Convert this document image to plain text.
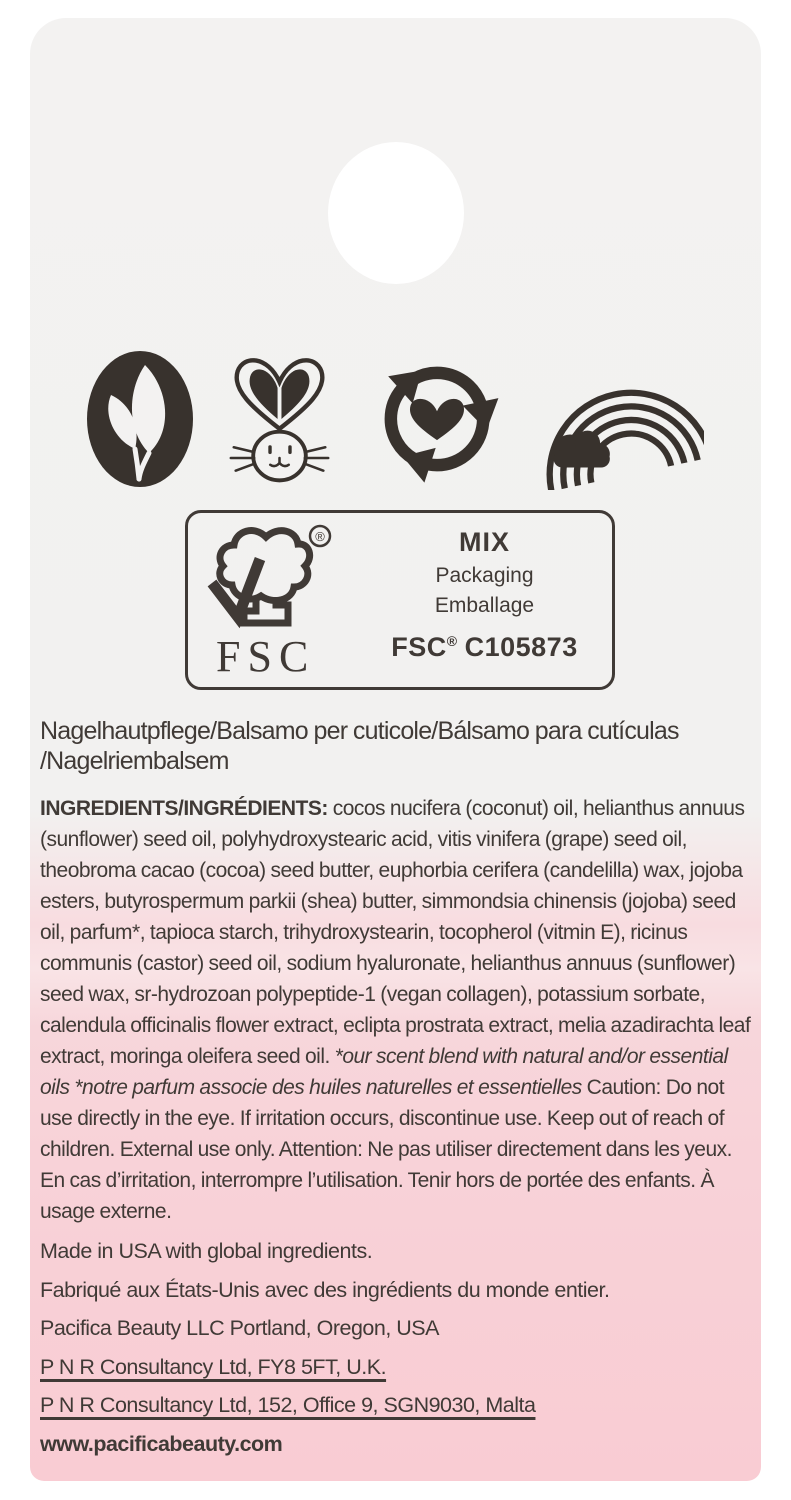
®
FSC
MIX
Packaging
Emballage
FSC® C105873
Nagelhautpflege/Balsamo per cuticole/Bálsamo para cutículas
/Nagelriembalsem

INGREDIENTS/INGRÉDIENTS: cocos nucifera (coconut) oil, helianthus annuus (sunflower) seed oil, polyhydroxystearic acid, vitis vinifera (grape) seed oil, theobroma cacao (cocoa) seed butter, euphorbia cerifera (candelilla) wax, jojoba esters, butyrospermum parkii (shea) butter, simmondsia chinensis (jojoba) seed oil, parfum*, tapioca starch, trihydroxystearin, tocopherol (vitmin E), ricinus communis (castor) seed oil, sodium hyaluronate, helianthus annuus (sunflower) seed wax, sr-hydrozoan polypeptide-1 (vegan collagen), potassium sorbate, calendula officinalis flower extract, eclipta prostrata extract, melia azadirachta leaf extract, moringa oleifera seed oil. *our scent blend with natural and/or essential oils *notre parfum associe des huiles naturelles et essentielles Caution: Do not use directly in the eye. If irritation occurs, discontinue use. Keep out of reach of children. External use only. Attention: Ne pas utiliser directement dans les yeux. En cas d’irritation, interrompre l’utilisation. Tenir hors de portée des enfants. À usage externe.

Made in USA with global ingredients.
Fabriqué aux États-Unis avec des ingrédients du monde entier.
Pacifica Beauty LLC Portland, Oregon, USA
P N R Consultancy Ltd, FY8 5FT, U.K.
P N R Consultancy Ltd, 152, Office 9, SGN9030, Malta
www.pacificabeauty.com
